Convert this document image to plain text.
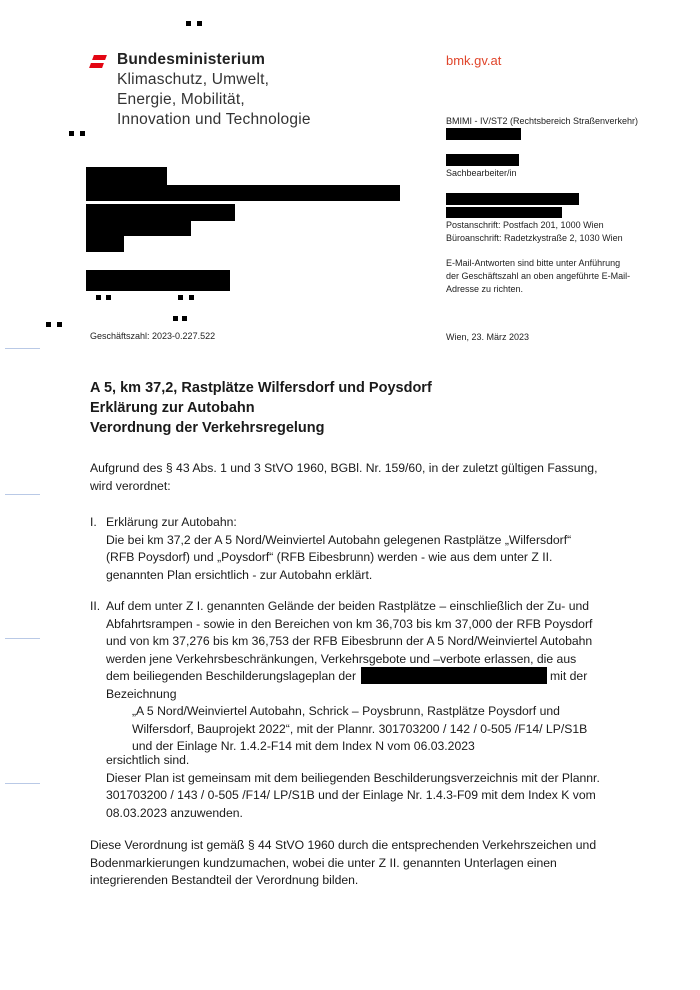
Bundesministerium
Klimaschutz, Umwelt,
Energie, Mobilität,
Innovation und Technologie
bmk.gv.at
BMIMI - IV/ST2 (Rechtsbereich Straßenverkehr)
Sachbearbeiter/in
Postanschrift: Postfach 201, 1000 Wien
Büroanschrift: Radetzkystraße 2, 1030 Wien
E-Mail-Antworten sind bitte unter Anführung
der Geschäftszahl an oben angeführte E-Mail-
Adresse zu richten.
Geschäftszahl: 2023-0.227.522	Wien, 23. März 2023
A 5, km 37,2, Rastplätze Wilfersdorf und Poysdorf
Erklärung zur Autobahn
Verordnung der Verkehrsregelung
Aufgrund des § 43 Abs. 1 und 3 StVO 1960, BGBl. Nr. 159/60, in der zuletzt gültigen Fassung,
wird verordnet:
I. Erklärung zur Autobahn:
Die bei km 37,2 der A 5 Nord/Weinviertel Autobahn gelegenen Rastplätze „Wilfersdorf“
(RFB Poysdorf) und „Poysdorf“ (RFB Eibesbrunn) werden - wie aus dem unter Z II.
genannten Plan ersichtlich - zur Autobahn erklärt.
II. Auf dem unter Z I. genannten Gelände der beiden Rastplätze – einschließlich der Zu- und
Abfahrtsrampen - sowie in den Bereichen von km 36,703 bis km 37,000 der RFB Poysdorf
und von km 37,276 bis km 36,753 der RFB Eibesbrunn der A 5 Nord/Weinviertel Autobahn
werden jene Verkehrsbeschränkungen, Verkehrsgebote und –verbote erlassen, die aus
dem beiliegenden Beschilderungslageplan der	mit der
Bezeichnung
„A 5 Nord/Weinviertel Autobahn, Schrick – Poysbrunn, Rastplätze Poysdorf und
Wilfersdorf, Bauprojekt 2022“, mit der Plannr. 301703200 / 142 / 0-505 /F14/ LP/S1B
und der Einlage Nr. 1.4.2-F14 mit dem Index N vom 06.03.2023
ersichtlich sind.
Dieser Plan ist gemeinsam mit dem beiliegenden Beschilderungsverzeichnis mit der Plannr.
301703200 / 143 / 0-505 /F14/ LP/S1B und der Einlage Nr. 1.4.3-F09 mit dem Index K vom
08.03.2023 anzuwenden.
Diese Verordnung ist gemäß § 44 StVO 1960 durch die entsprechenden Verkehrszeichen und
Bodenmarkierungen kundzumachen, wobei die unter Z II. genannten Unterlagen einen
integrierenden Bestandteil der Verordnung bilden.
